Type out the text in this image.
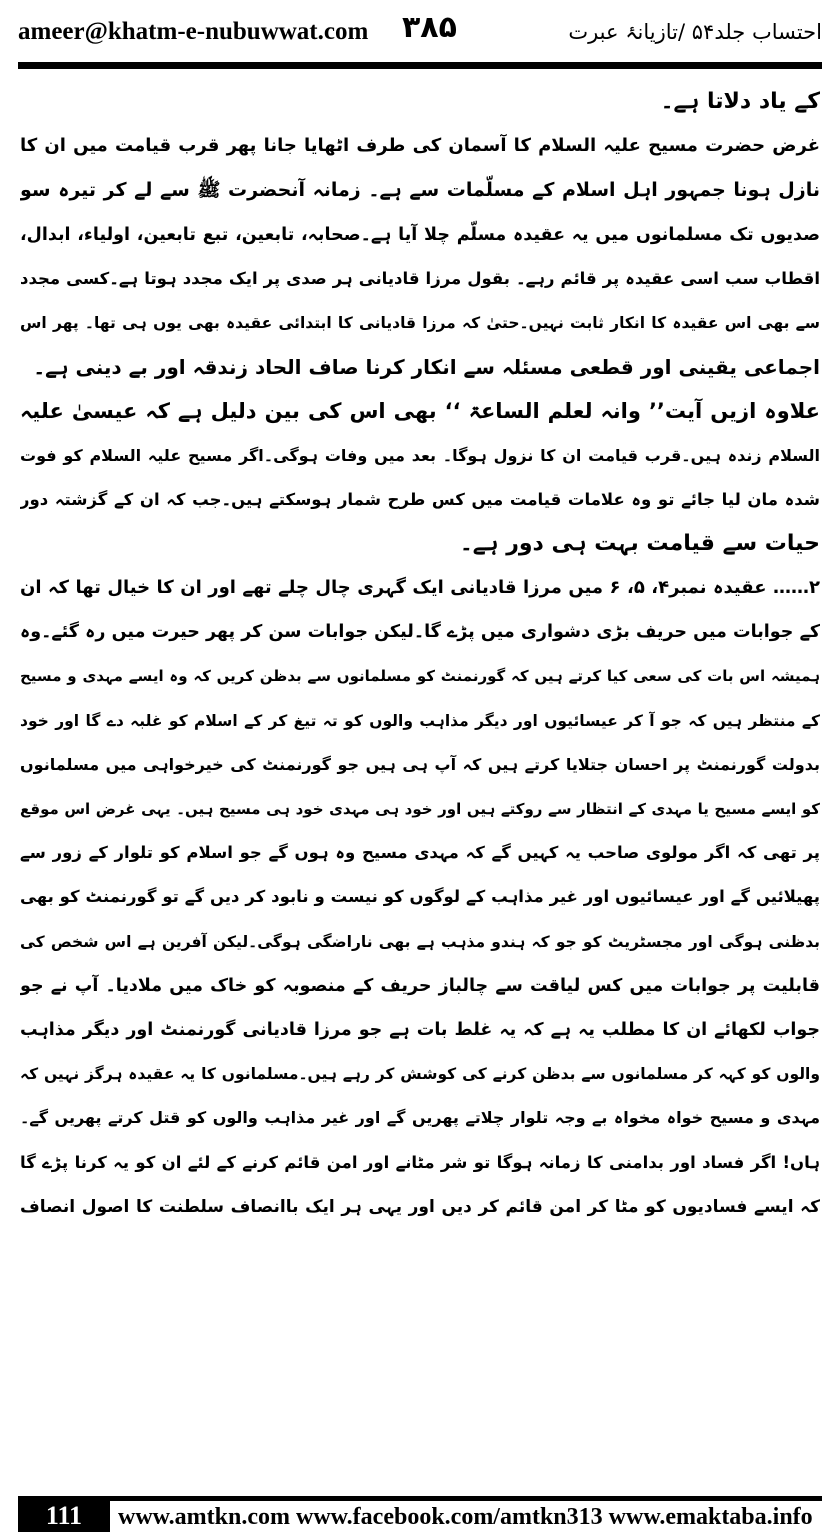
ameer@khatm-e-nubuwwat.com ۳۸۵	احتساب جلد۵۴ /تازیانۂ عبرت
کے یاد دلاتا ہے۔
غرض حضرت مسیح علیہ السلام کا آسمان کی طرف اٹھایا جانا پھر قرب قیامت میں ان کا
نازل ہونا جمہور اہل اسلام کے مسلّمات سے ہے۔ زمانہ آنحضرت ﷺ سے لے کر تیرہ سو
صدیوں تک مسلمانوں میں یہ عقیدہ مسلّم چلا آیا ہے۔صحابہ، تابعین، تبع تابعین، اولیاء، ابدال،
اقطاب سب اسی عقیدہ پر قائم رہے۔ بقول مرزا قادیانی ہر صدی پر ایک مجدد ہوتا ہے۔کسی مجدد
سے بھی اس عقیدہ کا انکار ثابت نہیں۔حتیٰ کہ مرزا قادیانی کا ابتدائی عقیدہ بھی یوں ہی تھا۔ پھر اس
اجماعی یقینی اور قطعی مسئلہ سے انکار کرنا صاف الحاد زندقہ اور بے دینی ہے۔
علاوہ ازیں آیت’’ وانہ لعلم الساعۃ ‘‘ بھی اس کی بین دلیل ہے کہ عیسیٰ علیہ
السلام زندہ ہیں۔قرب قیامت ان کا نزول ہوگا۔ بعد میں وفات ہوگی۔اگر مسیح علیہ السلام کو فوت
شدہ مان لیا جائے تو وہ علامات قیامت میں کس طرح شمار ہوسکتے ہیں۔جب کہ ان کے گزشتہ دور
حیات سے قیامت بہت ہی دور ہے۔
۲…… عقیدہ نمبر۴، ۵، ۶ میں مرزا قادیانی ایک گہری چال چلے تھے اور ان کا خیال تھا کہ ان
کے جوابات میں حریف بڑی دشواری میں پڑے گا۔لیکن جوابات سن کر پھر حیرت میں رہ گئے۔وہ
ہمیشہ اس بات کی سعی کیا کرتے ہیں کہ گورنمنٹ کو مسلمانوں سے بدظن کریں کہ وہ ایسے مہدی و مسیح
کے منتظر ہیں کہ جو آ کر عیسائیوں اور دیگر مذاہب والوں کو تہ تیغ کر کے اسلام کو غلبہ دے گا اور خود
بدولت گورنمنٹ پر احسان جتلایا کرتے ہیں کہ آپ ہی ہیں جو گورنمنٹ کی خیرخواہی میں مسلمانوں
کو ایسے مسیح یا مہدی کے انتظار سے روکتے ہیں اور خود ہی مہدی خود ہی مسیح ہیں۔ یہی غرض اس موقع
پر تھی کہ اگر مولوی صاحب یہ کہیں گے کہ مہدی مسیح وہ ہوں گے جو اسلام کو تلوار کے زور سے
پھیلائیں گے اور عیسائیوں اور غیر مذاہب کے لوگوں کو نیست و نابود کر دیں گے تو گورنمنٹ کو بھی
بدظنی ہوگی اور مجسٹریٹ کو جو کہ ہندو مذہب ہے بھی ناراضگی ہوگی۔لیکن آفرین ہے اس شخص کی
قابلیت پر جوابات میں کس لیاقت سے چالباز حریف کے منصوبہ کو خاک میں ملادیا۔ آپ نے جو
جواب لکھائے ان کا مطلب یہ ہے کہ یہ غلط بات ہے جو مرزا قادیانی گورنمنٹ اور دیگر مذاہب
والوں کو کہہ کر مسلمانوں سے بدظن کرنے کی کوشش کر رہے ہیں۔مسلمانوں کا یہ عقیدہ ہرگز نہیں کہ
مہدی و مسیح خواہ مخواہ بے وجہ تلوار چلاتے پھریں گے اور غیر مذاہب والوں کو قتل کرتے پھریں گے۔
ہاں! اگر فساد اور بدامنی کا زمانہ ہوگا تو شر مٹانے اور امن قائم کرنے کے لئے ان کو یہ کرنا پڑے گا
کہ ایسے فسادیوں کو مٹا کر امن قائم کر دیں اور یہی ہر ایک باانصاف سلطنت کا اصول انصاف
111	www.amtkn.com www.facebook.com/amtkn313 www.emaktaba.info
